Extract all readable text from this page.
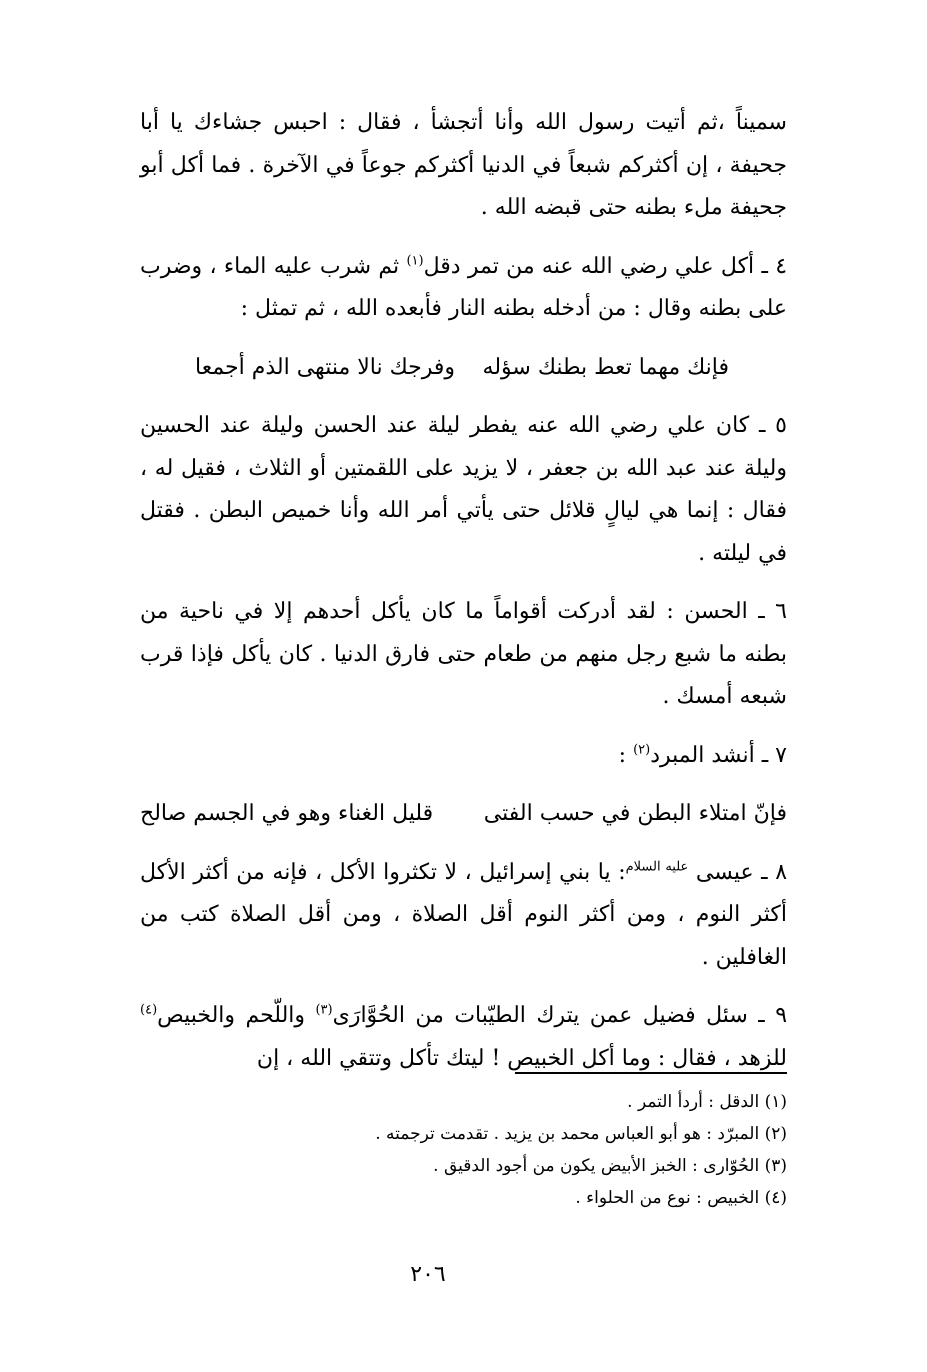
سميناً ،ثم أتيت رسول الله وأنا أتجشأ ، فقال : احبس جشاءك يا أبا جحيفة ، إن أكثركم شبعاً في الدنيا أكثركم جوعاً في الآخرة . فما أكل أبو جحيفة ملء بطنه حتى قبضه الله .

٤ ـ أكل علي رضي الله عنه من تمر دقل$^{(١)}$ ثم شرب عليه الماء ، وضرب على بطنه وقال : من أدخله بطنه النار فأبعده الله ، ثم تمثل :

فإنك مهما تعط بطنك سؤله
وفرجك نالا منتهى الذم أجمعا

٥ ـ كان علي رضي الله عنه يفطر ليلة عند الحسن وليلة عند الحسين وليلة عند عبد الله بن جعفر ، لا يزيد على اللقمتين أو الثلاث ، فقيل له ، فقال : إنما هي ليالٍ قلائل حتى يأتي أمر الله وأنا خميص البطن . فقتل في ليلته .

٦ ـ الحسن : لقد أدركت أقواماً ما كان يأكل أحدهم إلا في ناحية من بطنه ما شبع رجل منهم من طعام حتى فارق الدنيا . كان يأكل فإذا قرب شبعه أمسك .

٧ ـ أنشد المبرد$^{(٢)}$ :

فإنّ امتلاء البطن في حسب الفتى
قليل الغناء وهو في الجسم صالح

٨ ـ عيسى $^{عليه السلام}$: يا بني إسرائيل ، لا تكثروا الأكل ، فإنه من أكثر الأكل أكثر النوم ، ومن أكثر النوم أقل الصلاة ، ومن أقل الصلاة كتب من الغافلين .

٩ ـ سئل فضيل عمن يترك الطيّبات من الحُوَّارَى$^{(٣)}$ واللّحم والخبيص$^{(٤)}$ للزهد ، فقال : وما أكل الخبيص ! ليتك تأكل وتتقي الله ، إن

(١) الدقل : أردأ التمر .

(٢) المبرّد : هو أبو العباس محمد بن يزيد . تقدمت ترجمته .

(٣) الحُوّارى : الخبز الأبيض يكون من أجود الدقيق .

(٤) الخبيص : نوع من الحلواء .

٢٠٦
